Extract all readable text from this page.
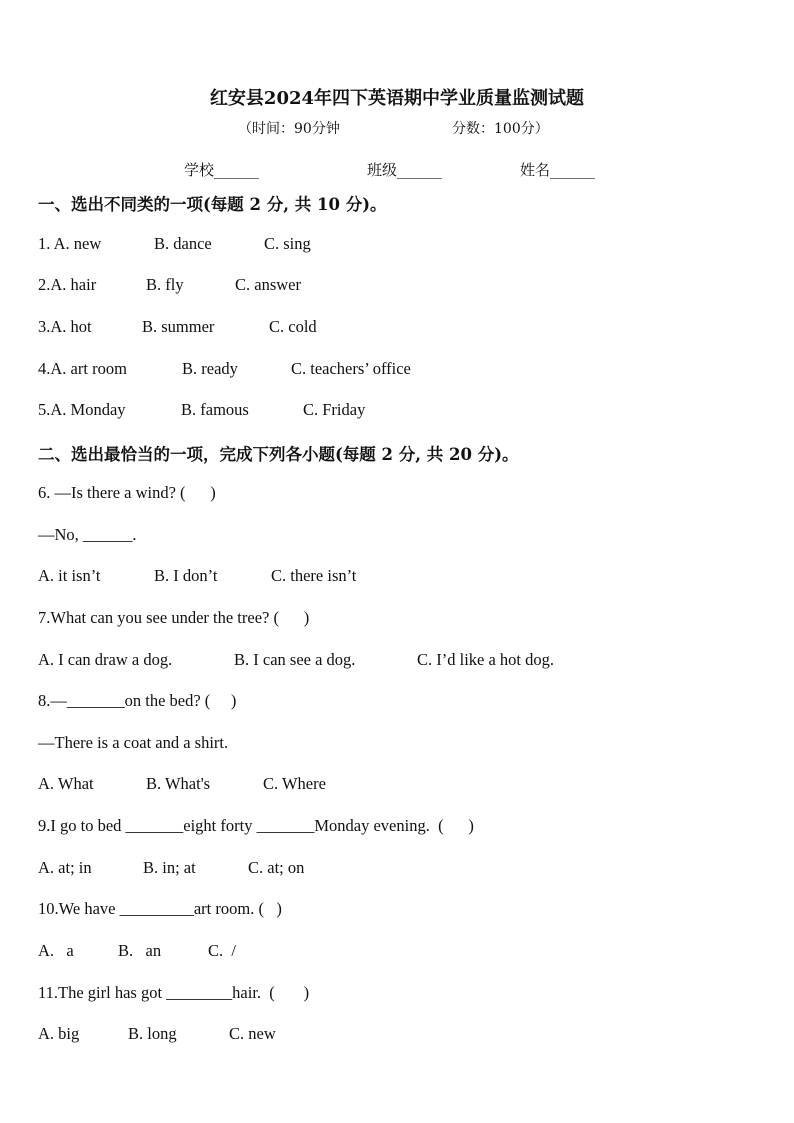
红安县2024年四下英语期中学业质量监测试题
（时间：90分钟	分数：100分）
学校______	班级______	姓名______
一、选出不同类的一项(每题 2 分, 共 10 分)。
1. A. new	B. dance	C. sing
2.A. hair	B. fly	C. answer
3.A. hot	B. summer	C. cold
4.A. art room	B. ready	C. teachers’ office
5.A. Monday	B. famous	C. Friday
二、选出最恰当的一项，完成下列各小题(每题 2 分, 共 20 分)。
6. —Is there a wind? (      )
—No, ______.
A. it isn’t	B. I don’t	C. there isn’t
7.What can you see under the tree? (      )
A. I can draw a dog.	B. I can see a dog.	C. I’d like a hot dog.
8.—_______on the bed? (     )
—There is a coat and a shirt.
A. What	B. What's	C. Where
9.I go to bed _______eight forty _______Monday evening.  (      )
A. at; in	B. in; at	C. at; on
10.We have _________art room. (   )
A.   a	B.   an	C.  /
11.The girl has got ________hair.  (       )
A. big	B. long	C. new
